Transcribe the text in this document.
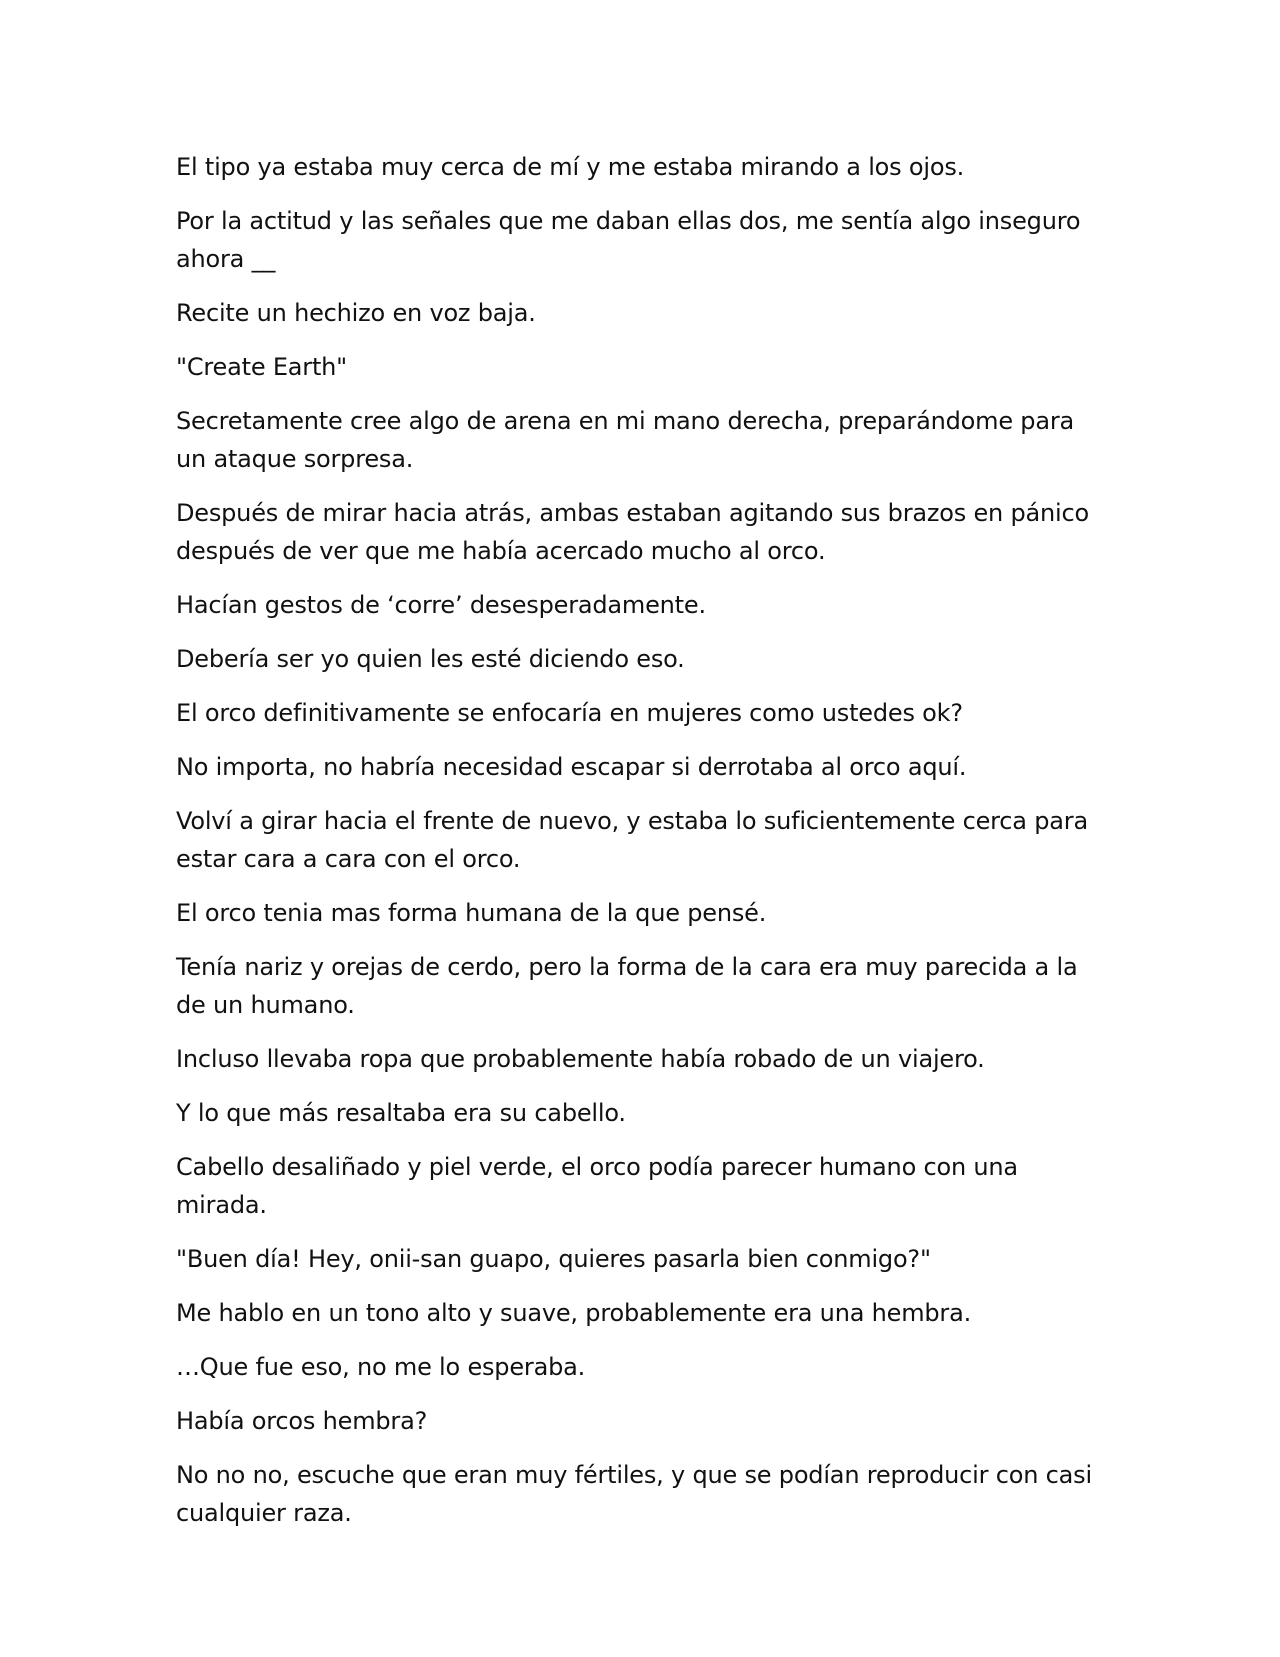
El tipo ya estaba muy cerca de mí y me estaba mirando a los ojos.

Por la actitud y las señales que me daban ellas dos, me sentía algo inseguro ahora __

Recite un hechizo en voz baja.

"Create Earth"

Secretamente cree algo de arena en mi mano derecha, preparándome para un ataque sorpresa.

Después de mirar hacia atrás, ambas estaban agitando sus brazos en pánico después de ver que me había acercado mucho al orco.

Hacían gestos de ‘corre’ desesperadamente.

Debería ser yo quien les esté diciendo eso.

El orco definitivamente se enfocaría en mujeres como ustedes ok?

No importa, no habría necesidad escapar si derrotaba al orco aquí.

Volví a girar hacia el frente de nuevo, y estaba lo suficientemente cerca para estar cara a cara con el orco.

El orco tenia mas forma humana de la que pensé.

Tenía nariz y orejas de cerdo, pero la forma de la cara era muy parecida a la de un humano.

Incluso llevaba ropa que probablemente había robado de un viajero.

Y lo que más resaltaba era su cabello.

Cabello desaliñado y piel verde, el orco podía parecer humano con una mirada.

"Buen día! Hey, onii-san guapo, quieres pasarla bien conmigo?"

Me hablo en un tono alto y suave, probablemente era una hembra.

…Que fue eso, no me lo esperaba.

Había orcos hembra?

No no no, escuche que eran muy fértiles, y que se podían reproducir con casi cualquier raza.
